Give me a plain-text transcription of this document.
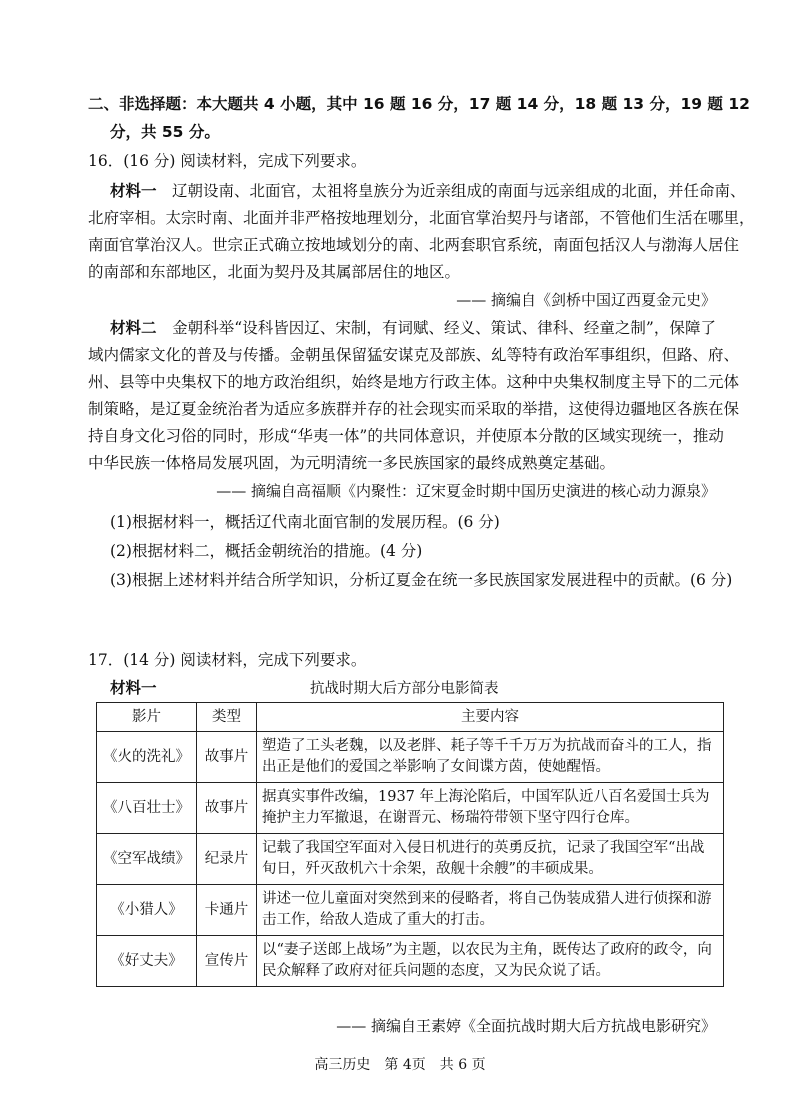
二、非选择题：本大题共 4 小题，其中 16 题 16 分，17 题 14 分，18 题 13 分，19 题 12
分，共 55 分。
16．(16 分) 阅读材料，完成下列要求。
材料一　 辽朝设南、北面官，太祖将皇族分为近亲组成的南面与远亲组成的北面，并任命南、
北府宰相。太宗时南、北面并非严格按地理划分，北面官掌治契丹与诸部，不管他们生活在哪里，
南面官掌治汉人。世宗正式确立按地域划分的南、北两套职官系统，南面包括汉人与渤海人居住
的南部和东部地区，北面为契丹及其属部居住的地区。
—— 摘编自《剑桥中国辽西夏金元史》
材料二　 金朝科举“设科皆因辽、宋制，有词赋、经义、策试、律科、经童之制”，保障了
域内儒家文化的普及与传播。金朝虽保留猛安谋克及部族、乣等特有政治军事组织，但路、府、
州、县等中央集权下的地方政治组织，始终是地方行政主体。这种中央集权制度主导下的二元体
制策略，是辽夏金统治者为适应多族群并存的社会现实而采取的举措，这使得边疆地区各族在保
持自身文化习俗的同时，形成“华夷一体”的共同体意识，并使原本分散的区域实现统一，推动
中华民族一体格局发展巩固，为元明清统一多民族国家的最终成熟奠定基础。
—— 摘编自高福顺《内聚性：辽宋夏金时期中国历史演进的核心动力源泉》
(1)根据材料一，概括辽代南北面官制的发展历程。(6 分)
(2)根据材料二，概括金朝统治的措施。(4 分)
(3)根据上述材料并结合所学知识，分析辽夏金在统一多民族国家发展进程中的贡献。(6 分)
17．(14 分) 阅读材料，完成下列要求。
材料一	抗战时期大后方部分电影简表
影片	类型	主要内容
《火的洗礼》	故事片	塑造了工头老魏，以及老胖、耗子等千千万万为抗战而奋斗的工人，指出正是他们的爱国之举影响了女间谍方茵，使她醒悟。
《八百壮士》	故事片	据真实事件改编，1937 年上海沦陷后，中国军队近八百名爱国士兵为掩护主力军撤退，在谢晋元、杨瑞符带领下坚守四行仓库。
《空军战绩》	纪录片	记载了我国空军面对入侵日机进行的英勇反抗，记录了我国空军“出战旬日，歼灭敌机六十余架，敌舰十余艘”的丰硕成果。
《小猎人》	卡通片	讲述一位儿童面对突然到来的侵略者，将自己伪装成猎人进行侦探和游击工作，给敌人造成了重大的打击。
《好丈夫》	宣传片	以“妻子送郎上战场”为主题，以农民为主角，既传达了政府的政令，向民众解释了政府对征兵问题的态度，又为民众说了话。
—— 摘编自王素婷《全面抗战时期大后方抗战电影研究》
高三历史　第 4页　共 6 页
